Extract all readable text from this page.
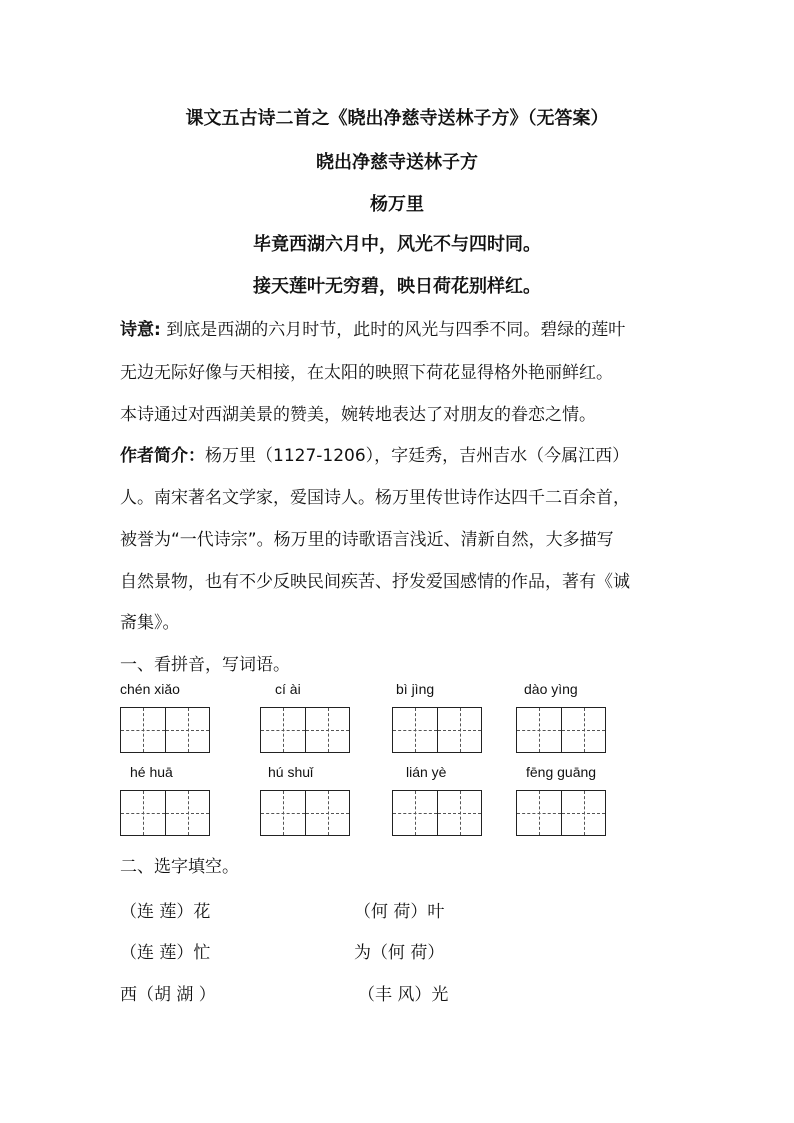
课文五古诗二首之《晓出净慈寺送林子方》（无答案）
晓出净慈寺送林子方
杨万里
毕竟西湖六月中，风光不与四时同。
接天莲叶无穷碧，映日荷花别样红。
诗意: 到底是西湖的六月时节，此时的风光与四季不同。碧绿的莲叶
无边无际好像与天相接，在太阳的映照下荷花显得格外艳丽鲜红。
本诗通过对西湖美景的赞美，婉转地表达了对朋友的眷恋之情。
作者简介：杨万里（1127-1206），字廷秀，吉州吉水（今属江西）
人。南宋著名文学家，爱国诗人。杨万里传世诗作达四千二百余首，
被誉为“一代诗宗”。杨万里的诗歌语言浅近、清新自然，大多描写
自然景物，也有不少反映民间疾苦、抒发爱国感情的作品，著有《诚
斋集》。
一、看拼音，写词语。
chén xiǎo	cí ài	bì jìng	dào yìng
hé huā	hú shuǐ	lián yè	fēng guāng
二、选字填空。
（连 莲）花	（何 荷）叶
（连 莲）忙	为（何 荷）
西（胡 湖 ）	（丰 风）光
